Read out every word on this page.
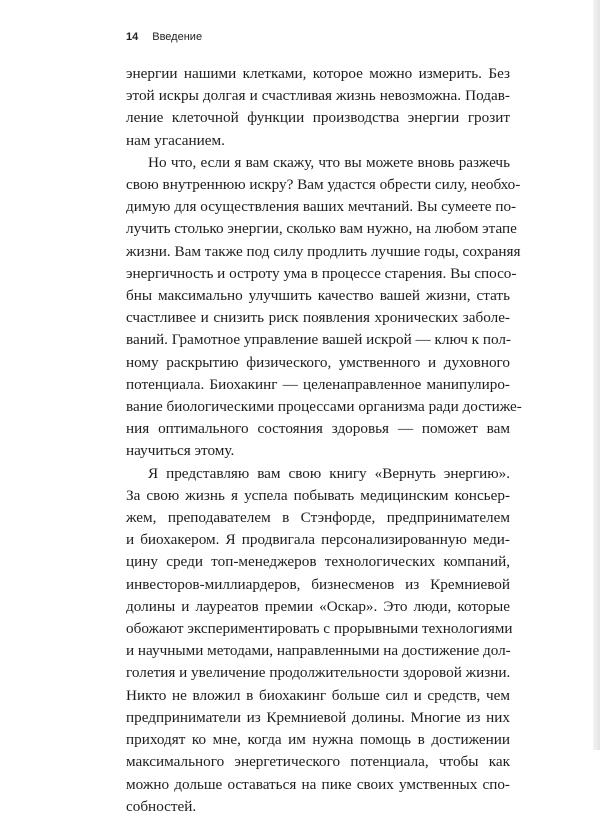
14 Введение
энергии нашими клетками, которое можно измерить. Без
этой искры долгая и счастливая жизнь невозможна. Подав-
ление клеточной функции производства энергии грозит
нам угасанием.
Но что, если я вам скажу, что вы можете вновь разжечь
свою внутреннюю искру? Вам удастся обрести силу, необхо-
димую для осуществления ваших мечтаний. Вы сумеете по-
лучить столько энергии, сколько вам нужно, на любом этапе
жизни. Вам также под силу продлить лучшие годы, сохраняя
энергичность и остроту ума в процессе старения. Вы спосо-
бны максимально улучшить качество вашей жизни, стать
счастливее и снизить риск появления хронических заболе-
ваний. Грамотное управление вашей искрой — ключ к пол-
ному раскрытию физического, умственного и духовного
потенциала. Биохакинг — целенаправленное манипулиро-
вание биологическими процессами организма ради достиже-
ния оптимального состояния здоровья — поможет вам
научиться этому.
Я представляю вам свою книгу «Вернуть энергию».
За свою жизнь я успела побывать медицинским консьер-
жем, преподавателем в Стэнфорде, предпринимателем
и биохакером. Я продвигала персонализированную меди-
цину среди топ-менеджеров технологических компаний,
инвесторов-миллиардеров, бизнесменов из Кремниевой
долины и лауреатов премии «Оскар». Это люди, которые
обожают экспериментировать с прорывными технологиями
и научными методами, направленными на достижение дол-
голетия и увеличение продолжительности здоровой жизни.
Никто не вложил в биохакинг больше сил и средств, чем
предприниматели из Кремниевой долины. Многие из них
приходят ко мне, когда им нужна помощь в достижении
максимального энергетического потенциала, чтобы как
можно дольше оставаться на пике своих умственных спо-
собностей.
